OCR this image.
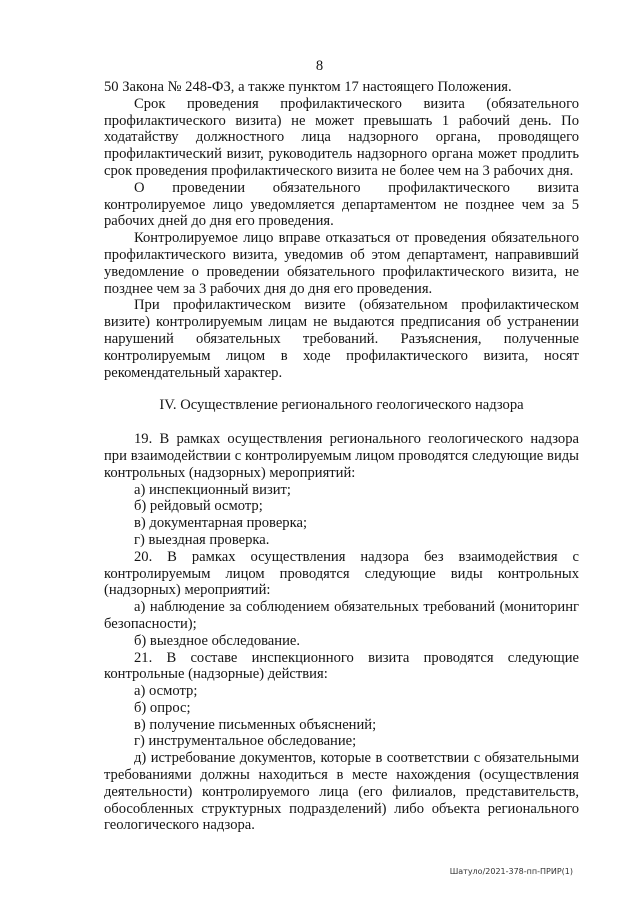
8

50 Закона № 248-ФЗ, а также пунктом 17 настоящего Положения.

Срок проведения профилактического визита (обязательного профилактического визита) не может превышать 1 рабочий день. По ходатайству должностного лица надзорного органа, проводящего профилактический визит, руководитель надзорного органа может продлить срок проведения профилактического визита не более чем на 3 рабочих дня.

О проведении обязательного профилактического визита контролируемое лицо уведомляется департаментом не позднее чем за 5 рабочих дней до дня его проведения.

Контролируемое лицо вправе отказаться от проведения обязательного профилактического визита, уведомив об этом департамент, направивший уведомление о проведении обязательного профилактического визита, не позднее чем за 3 рабочих дня до дня его проведения.

При профилактическом визите (обязательном профилактическом визите) контролируемым лицам не выдаются предписания об устранении нарушений обязательных требований. Разъяснения, полученные контролируемым лицом в ходе профилактического визита, носят рекомендательный характер.

IV. Осуществление регионального геологического надзора

19. В рамках осуществления регионального геологического надзора при взаимодействии с контролируемым лицом проводятся следующие виды контрольных (надзорных) мероприятий:

а) инспекционный визит;

б) рейдовый осмотр;

в) документарная проверка;

г) выездная проверка.

20. В рамках осуществления надзора без взаимодействия с контролируемым лицом проводятся следующие виды контрольных (надзорных) мероприятий:

а) наблюдение за соблюдением обязательных требований (мониторинг безопасности);

б) выездное обследование.

21. В составе инспекционного визита проводятся следующие контрольные (надзорные) действия:

а) осмотр;

б) опрос;

в) получение письменных объяснений;

г) инструментальное обследование;

д) истребование документов, которые в соответствии с обязательными требованиями должны находиться в месте нахождения (осуществления деятельности) контролируемого лица (его филиалов, представительств, обособленных структурных подразделений) либо объекта регионального геологического надзора.

Шатуло/2021-378-пп-ПРИР(1)
